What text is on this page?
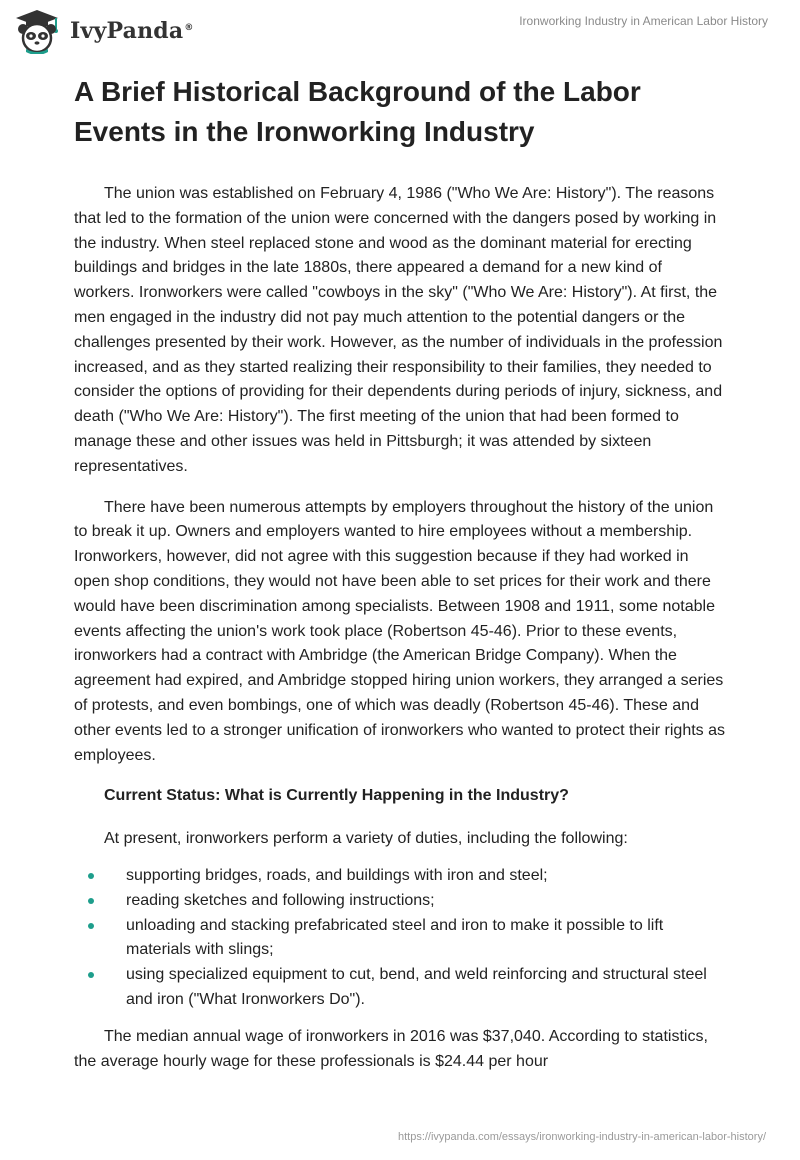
IvyPanda®	Ironworking Industry in American Labor History
A Brief Historical Background of the Labor Events in the Ironworking Industry

The union was established on February 4, 1986 ("Who We Are: History"). The reasons that led to the formation of the union were concerned with the dangers posed by working in the industry. When steel replaced stone and wood as the dominant material for erecting buildings and bridges in the late 1880s, there appeared a demand for a new kind of workers. Ironworkers were called "cowboys in the sky" ("Who We Are: History"). At first, the men engaged in the industry did not pay much attention to the potential dangers or the challenges presented by their work. However, as the number of individuals in the profession increased, and as they started realizing their responsibility to their families, they needed to consider the options of providing for their dependents during periods of injury, sickness, and death ("Who We Are: History"). The first meeting of the union that had been formed to manage these and other issues was held in Pittsburgh; it was attended by sixteen representatives.

There have been numerous attempts by employers throughout the history of the union to break it up. Owners and employers wanted to hire employees without a membership. Ironworkers, however, did not agree with this suggestion because if they had worked in open shop conditions, they would not have been able to set prices for their work and there would have been discrimination among specialists. Between 1908 and 1911, some notable events affecting the union's work took place (Robertson 45-46). Prior to these events, ironworkers had a contract with Ambridge (the American Bridge Company). When the agreement had expired, and Ambridge stopped hiring union workers, they arranged a series of protests, and even bombings, one of which was deadly (Robertson 45-46). These and other events led to a stronger unification of ironworkers who wanted to protect their rights as employees.

Current Status: What is Currently Happening in the Industry?

At present, ironworkers perform a variety of duties, including the following:

supporting bridges, roads, and buildings with iron and steel;
reading sketches and following instructions;
unloading and stacking prefabricated steel and iron to make it possible to lift materials with slings;
using specialized equipment to cut, bend, and weld reinforcing and structural steel and iron ("What Ironworkers Do").

The median annual wage of ironworkers in 2016 was $37,040. According to statistics, the average hourly wage for these professionals is $24.44 per hour

https://ivypanda.com/essays/ironworking-industry-in-american-labor-history/
